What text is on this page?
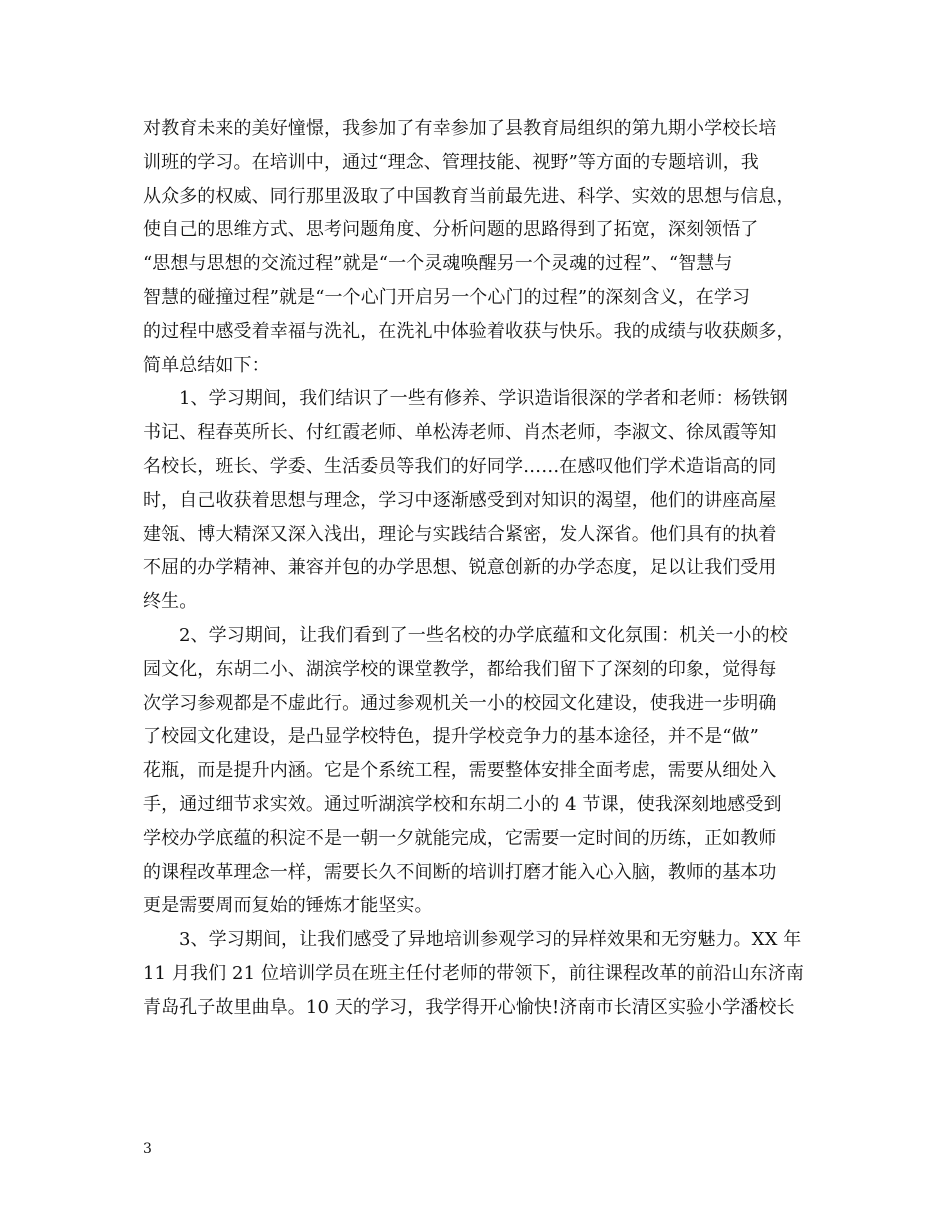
对教育未来的美好憧憬，我参加了有幸参加了县教育局组织的第九期小学校长培
训班的学习。在培训中，通过“理念、管理技能、视野”等方面的专题培训，我
从众多的权威、同行那里汲取了中国教育当前最先进、科学、实效的思想与信息，
使自己的思维方式、思考问题角度、分析问题的思路得到了拓宽，深刻领悟了
“思想与思想的交流过程”就是“一个灵魂唤醒另一个灵魂的过程”、“智慧与
智慧的碰撞过程”就是“一个心门开启另一个心门的过程”的深刻含义，在学习
的过程中感受着幸福与洗礼，在洗礼中体验着收获与快乐。我的成绩与收获颇多，
简单总结如下：
1、学习期间，我们结识了一些有修养、学识造诣很深的学者和老师：杨铁钢
书记、程春英所长、付红霞老师、单松涛老师、肖杰老师，李淑文、徐凤霞等知
名校长，班长、学委、生活委员等我们的好同学……在感叹他们学术造诣高的同
时，自己收获着思想与理念，学习中逐渐感受到对知识的渴望，他们的讲座高屋
建瓴、博大精深又深入浅出，理论与实践结合紧密，发人深省。他们具有的执着
不屈的办学精神、兼容并包的办学思想、锐意创新的办学态度，足以让我们受用
终生。
2、学习期间，让我们看到了一些名校的办学底蕴和文化氛围：机关一小的校
园文化，东胡二小、湖滨学校的课堂教学，都给我们留下了深刻的印象，觉得每
次学习参观都是不虚此行。通过参观机关一小的校园文化建设，使我进一步明确
了校园文化建设，是凸显学校特色，提升学校竞争力的基本途径，并不是“做”
花瓶，而是提升内涵。它是个系统工程，需要整体安排全面考虑，需要从细处入
手，通过细节求实效。通过听湖滨学校和东胡二小的 4 节课，使我深刻地感受到
学校办学底蕴的积淀不是一朝一夕就能完成，它需要一定时间的历练，正如教师
的课程改革理念一样，需要长久不间断的培训打磨才能入心入脑，教师的基本功
更是需要周而复始的锤炼才能坚实。
3、学习期间，让我们感受了异地培训参观学习的异样效果和无穷魅力。XX 年
11 月我们 21 位培训学员在班主任付老师的带领下，前往课程改革的前沿山东济南
青岛孔子故里曲阜。10 天的学习，我学得开心愉快!济南市长清区实验小学潘校长
3
